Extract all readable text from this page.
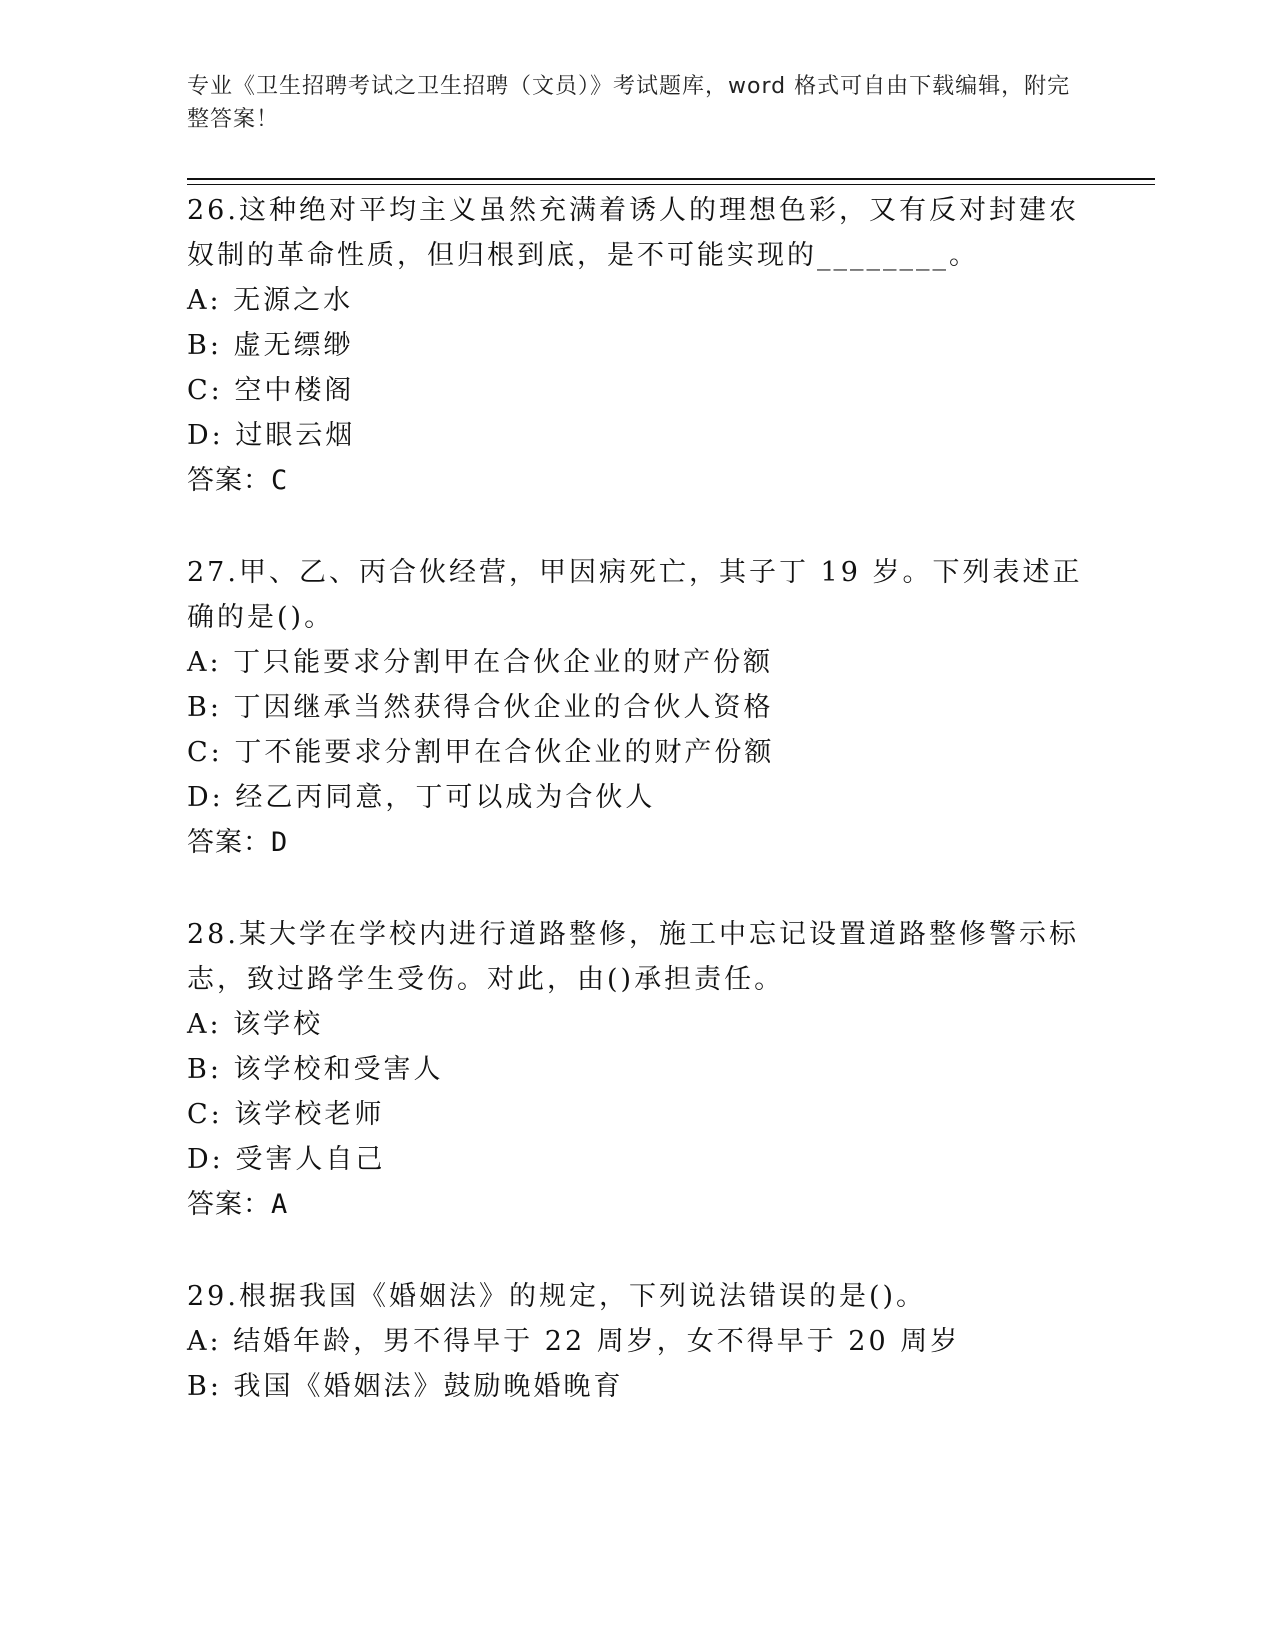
专业《卫生招聘考试之卫生招聘（文员）》考试题库，word 格式可自由下载编辑，附完整答案！
26.这种绝对平均主义虽然充满着诱人的理想色彩，又有反对封建农奴制的革命性质，但归根到底，是不可能实现的________。
A: 无源之水
B: 虚无缥缈
C: 空中楼阁
D: 过眼云烟
答案：C
27.甲、乙、丙合伙经营，甲因病死亡，其子丁 19 岁。下列表述正确的是()。
A: 丁只能要求分割甲在合伙企业的财产份额
B: 丁因继承当然获得合伙企业的合伙人资格
C: 丁不能要求分割甲在合伙企业的财产份额
D: 经乙丙同意，丁可以成为合伙人
答案：D
28.某大学在学校内进行道路整修，施工中忘记设置道路整修警示标志，致过路学生受伤。对此，由()承担责任。
A: 该学校
B: 该学校和受害人
C: 该学校老师
D: 受害人自己
答案：A
29.根据我国《婚姻法》的规定，下列说法错误的是()。
A: 结婚年龄，男不得早于 22 周岁，女不得早于 20 周岁
B: 我国《婚姻法》鼓励晚婚晚育
